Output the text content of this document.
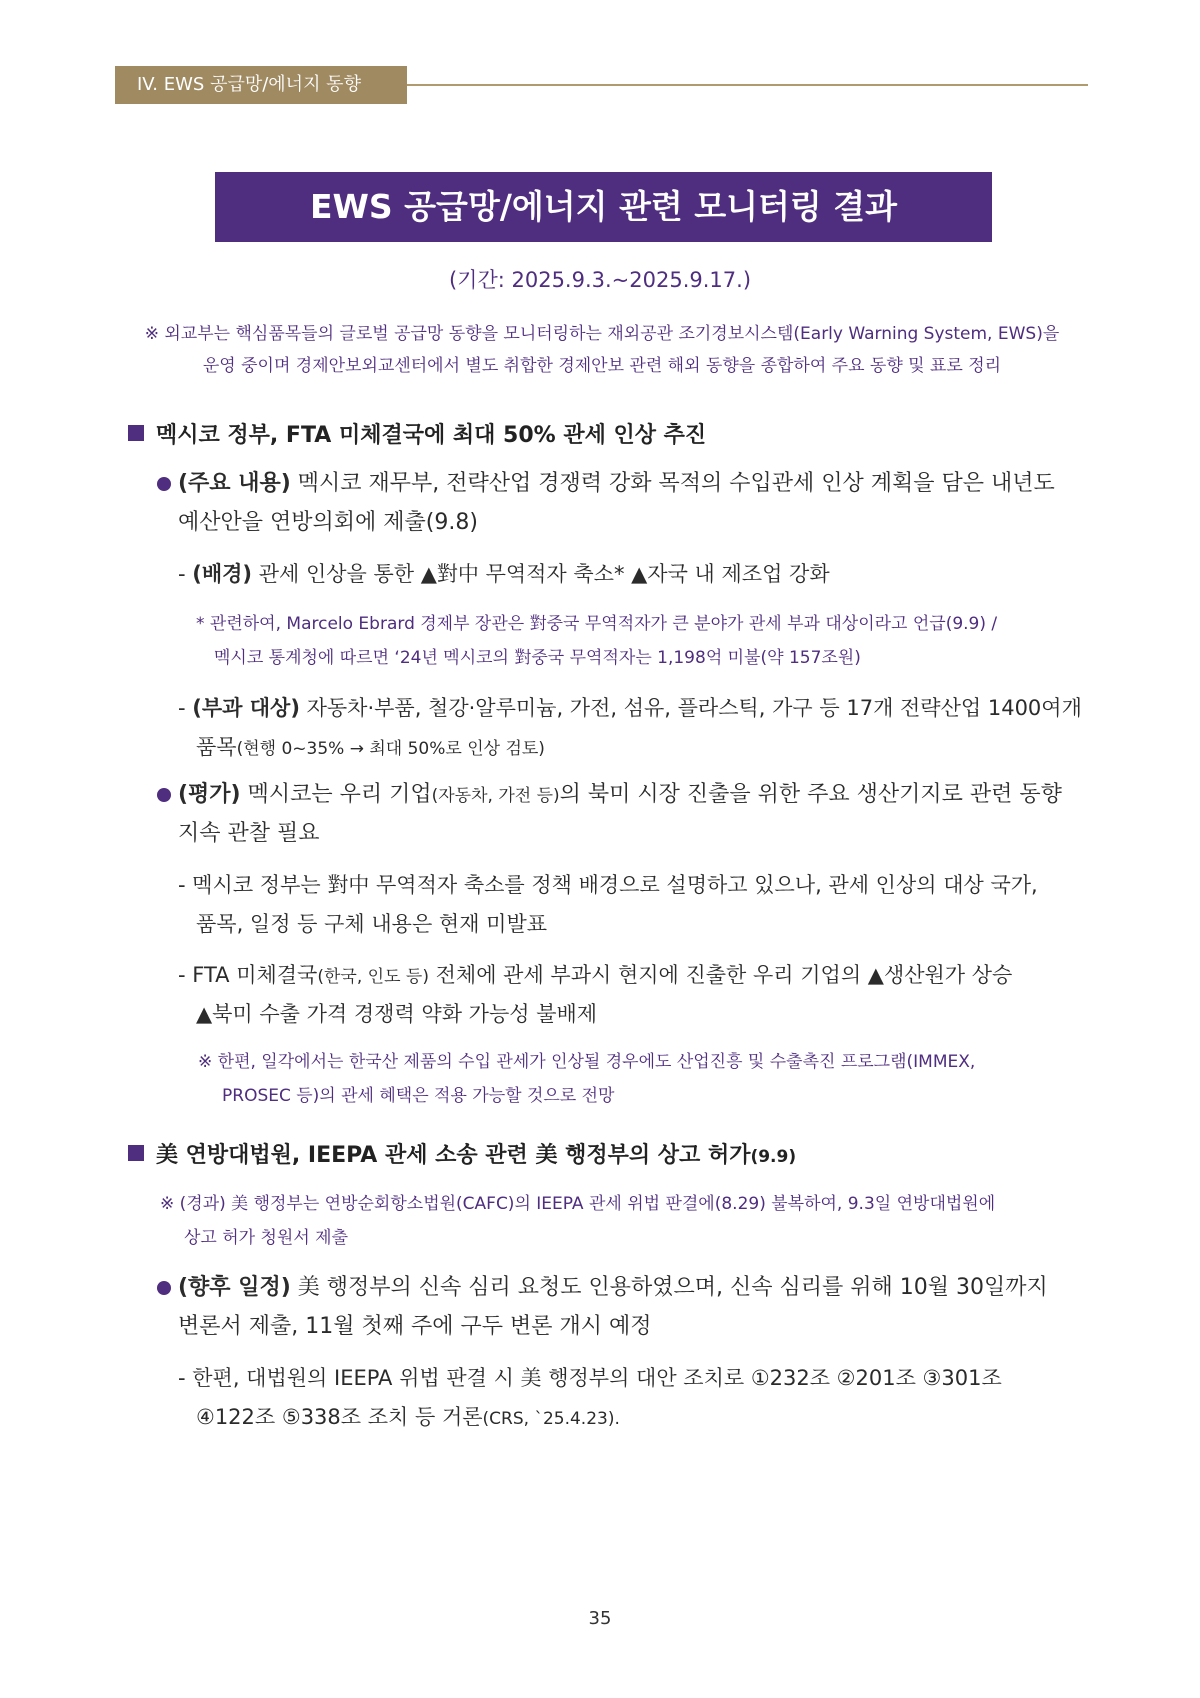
IV. EWS 공급망/에너지 동향
EWS 공급망/에너지 관련 모니터링 결과
(기간: 2025.9.3.~2025.9.17.)
※ 외교부는 핵심품목들의 글로벌 공급망 동향을 모니터링하는 재외공관 조기경보시스템(Early Warning System, EWS)을
운영 중이며 경제안보외교센터에서 별도 취합한 경제안보 관련 해외 동향을 종합하여 주요 동향 및 표로 정리
멕시코 정부, FTA 미체결국에 최대 50% 관세 인상 추진
(주요 내용) 멕시코 재무부, 전략산업 경쟁력 강화 목적의 수입관세 인상 계획을 담은 내년도
예산안을 연방의회에 제출(9.8)
- (배경) 관세 인상을 통한 ▲對中 무역적자 축소* ▲자국 내 제조업 강화
* 관련하여, Marcelo Ebrard 경제부 장관은 對중국 무역적자가 큰 분야가 관세 부과 대상이라고 언급(9.9) /
멕시코 통계청에 따르면 ‘24년 멕시코의 對중국 무역적자는 1,198억 미불(약 157조원)
- (부과 대상) 자동차·부품, 철강·알루미늄, 가전, 섬유, 플라스틱, 가구 등 17개 전략산업 1400여개
품목(현행 0~35% → 최대 50%로 인상 검토)
(평가) 멕시코는 우리 기업(자동차, 가전 등)의 북미 시장 진출을 위한 주요 생산기지로 관련 동향
지속 관찰 필요
- 멕시코 정부는 對中 무역적자 축소를 정책 배경으로 설명하고 있으나, 관세 인상의 대상 국가,
품목, 일정 등 구체 내용은 현재 미발표
- FTA 미체결국(한국, 인도 등) 전체에 관세 부과시 현지에 진출한 우리 기업의 ▲생산원가 상승
▲북미 수출 가격 경쟁력 약화 가능성 불배제
※ 한편, 일각에서는 한국산 제품의 수입 관세가 인상될 경우에도 산업진흥 및 수출촉진 프로그램(IMMEX,
PROSEC 등)의 관세 혜택은 적용 가능할 것으로 전망
美 연방대법원, IEEPA 관세 소송 관련 美 행정부의 상고 허가(9.9)
※ (경과) 美 행정부는 연방순회항소법원(CAFC)의 IEEPA 관세 위법 판결에(8.29) 불복하여, 9.3일 연방대법원에
상고 허가 청원서 제출
(향후 일정) 美 행정부의 신속 심리 요청도 인용하였으며, 신속 심리를 위해 10월 30일까지
변론서 제출, 11월 첫째 주에 구두 변론 개시 예정
- 한편, 대법원의 IEEPA 위법 판결 시 美 행정부의 대안 조치로 ①232조 ②201조 ③301조
④122조 ⑤338조 조치 등 거론(CRS, `25.4.23).
35
